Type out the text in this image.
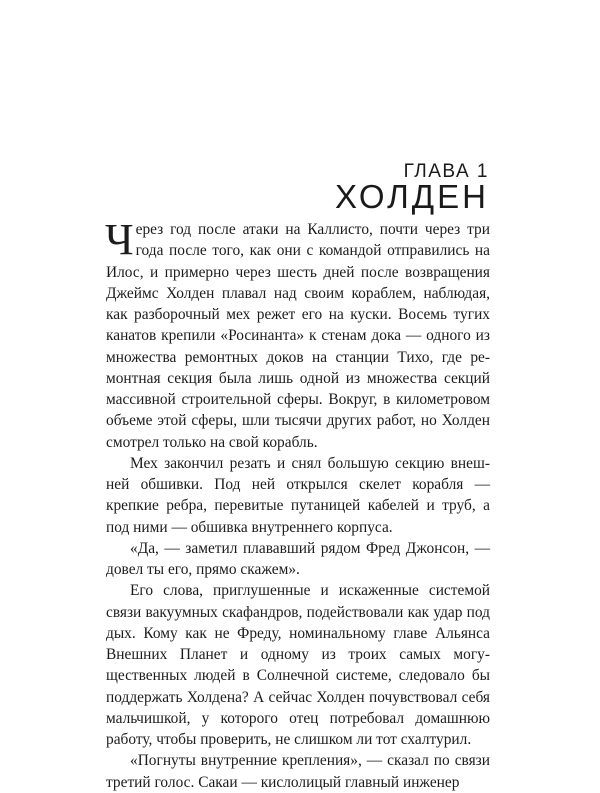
ГЛАВА 1
ХОЛДЕН

Через год после атаки на Каллисто, почти через три года после того, как они с командой отправились на Илос, и примерно через шесть дней после возвращения Джеймс Холден плавал над своим кораблем, наблюдая, как разборочный мех режет его на куски. Восемь тугих канатов крепили «Росинанта» к стенам дока — одного из множества ремонтных доков на станции Тихо, где ремонтная секция была лишь одной из множества секций массивной строительной сферы. Вокруг, в километровом объеме этой сферы, шли тысячи других работ, но Холден смотрел только на свой корабль.

Мех закончил резать и снял большую секцию внешней обшивки. Под ней открылся скелет корабля — крепкие ребра, перевитые путаницей кабелей и труб, а под ними — обшивка внутреннего корпуса.

«Да, — заметил плававший рядом Фред Джонсон, — довел ты его, прямо скажем».

Его слова, приглушенные и искаженные системой связи вакуумных скафандров, подействовали как удар под дых. Кому как не Фреду, номинальному главе Альянса Внешних Планет и одному из троих самых могущественных людей в Солнечной системе, следовало бы поддержать Холдена? А сейчас Холден почувствовал себя мальчишкой, у которого отец потребовал домашнюю работу, чтобы проверить, не слишком ли тот схалтурил.

«Погнуты внутренние крепления», — сказал по связи третий голос. Сакаи — кислолицый главный инженер
